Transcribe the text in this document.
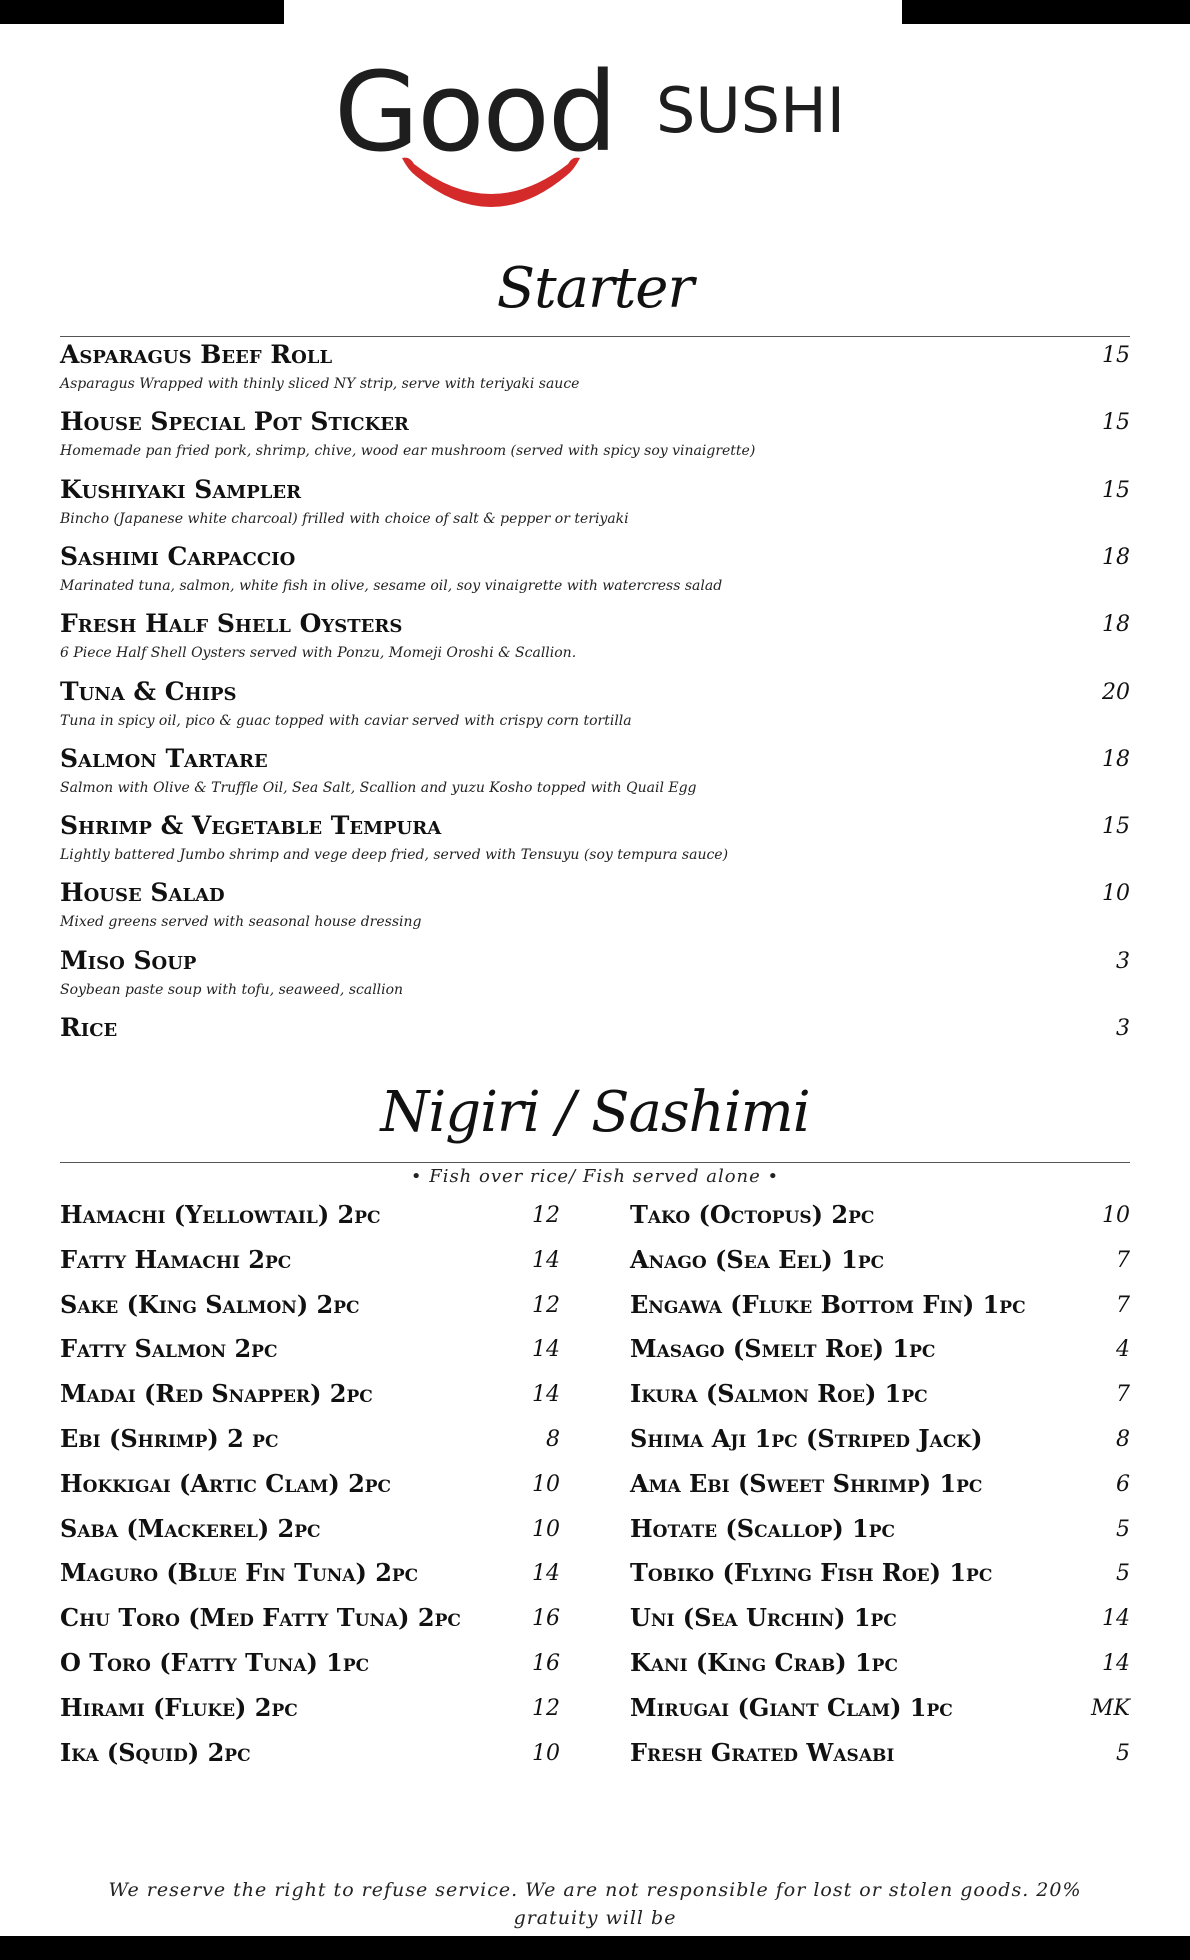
Good SUSHI
Starter
Asparagus Beef Roll	15
Asparagus Wrapped with thinly sliced NY strip, serve with teriyaki sauce
House Special Pot Sticker	15
Homemade pan fried pork, shrimp, chive, wood ear mushroom (served with spicy soy vinaigrette)
Kushiyaki Sampler	15
Bincho (Japanese white charcoal) frilled with choice of salt & pepper or teriyaki
Sashimi Carpaccio	18
Marinated tuna, salmon, white fish in olive, sesame oil, soy vinaigrette with watercress salad
Fresh Half Shell Oysters	18
6 Piece Half Shell Oysters served with Ponzu, Momeji Oroshi & Scallion.
Tuna & Chips	20
Tuna in spicy oil, pico & guac topped with caviar served with crispy corn tortilla
Salmon Tartare	18
Salmon with Olive & Truffle Oil, Sea Salt, Scallion and yuzu Kosho topped with Quail Egg
Shrimp & Vegetable Tempura	15
Lightly battered Jumbo shrimp and vege deep fried, served with Tensuyu (soy tempura sauce)
House Salad	10
Mixed greens served with seasonal house dressing
Miso Soup	3
Soybean paste soup with tofu, seaweed, scallion
Rice	3
Nigiri / Sashimi
• Fish over rice/ Fish served alone •
Hamachi (Yellowtail) 2pc	12
Fatty Hamachi 2pc	14
Sake (King Salmon) 2pc	12
Fatty Salmon 2pc	14
Madai (Red Snapper) 2pc	14
Ebi (Shrimp) 2 pc	8
Hokkigai (Artic Clam) 2pc	10
Saba (Mackerel) 2pc	10
Maguro (Blue Fin Tuna) 2pc	14
Chu Toro (Med Fatty Tuna) 2pc	16
O Toro (Fatty Tuna) 1pc	16
Hirami (Fluke) 2pc	12
Ika (Squid) 2pc	10
Tako (Octopus) 2pc	10
Anago (Sea Eel) 1pc	7
Engawa (Fluke Bottom Fin) 1pc	7
Masago (Smelt Roe) 1pc	4
Ikura (Salmon Roe) 1pc	7
Shima Aji 1pc (Striped Jack)	8
Ama Ebi (Sweet Shrimp) 1pc	6
Hotate (Scallop) 1pc	5
Tobiko (Flying Fish Roe) 1pc	5
Uni (Sea Urchin) 1pc	14
Kani (King Crab) 1pc	14
Mirugai (Giant Clam) 1pc	MK
Fresh Grated Wasabi	5
We reserve the right to refuse service. We are not responsible for lost or stolen goods. 20% gratuity will be
